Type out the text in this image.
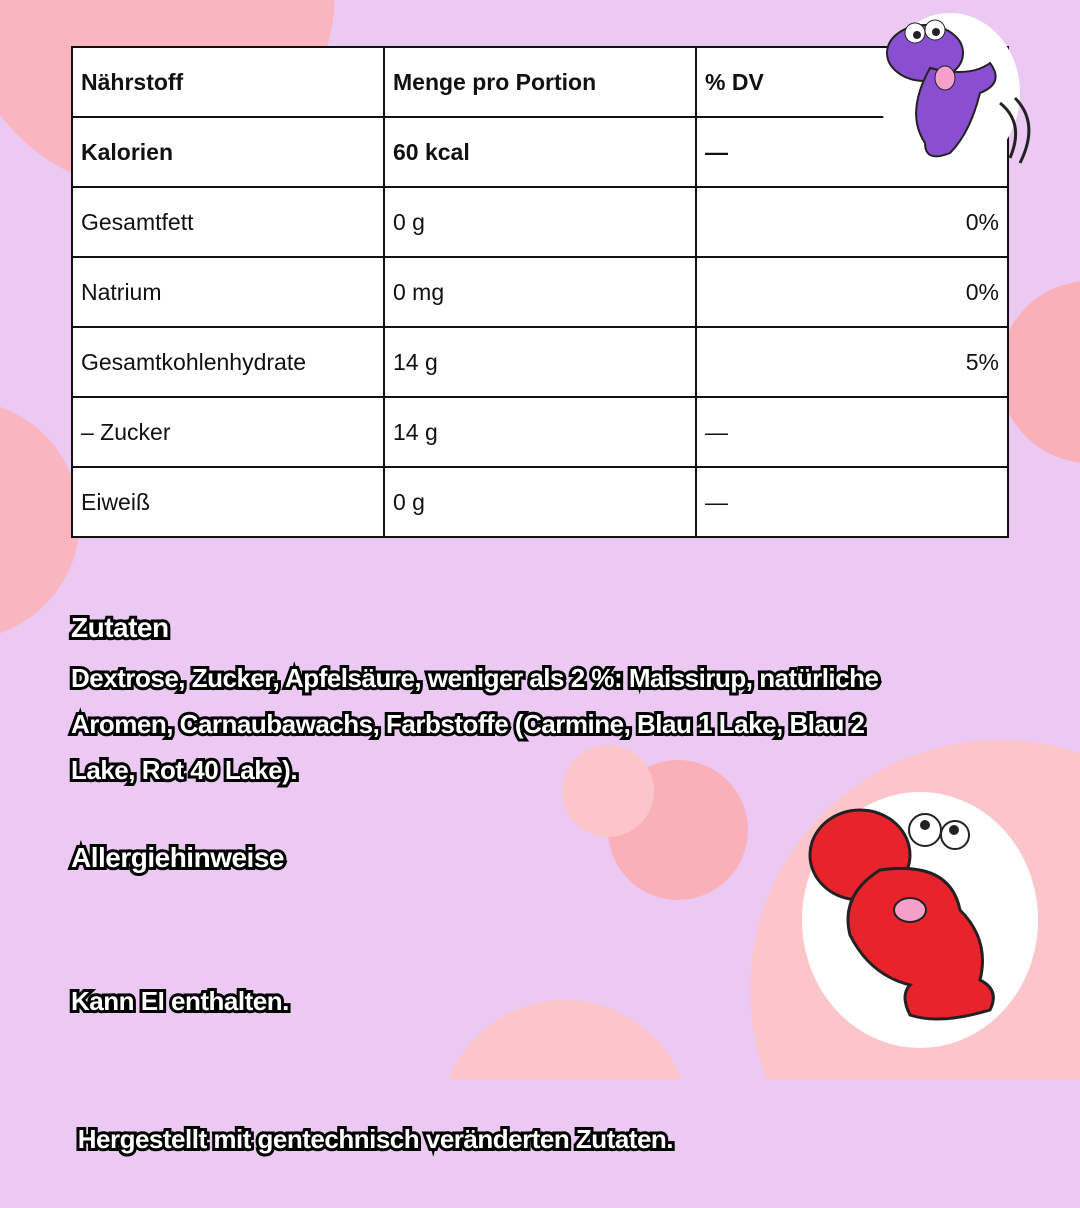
Nährstoff	Menge pro Portion	% DV
Kalorien	60 kcal	—
Gesamtfett	0 g	0%
Natrium	0 mg	0%
Gesamtkohlenhydrate	14 g	5%
– Zucker	14 g	—
Eiweiß	0 g	—
Zutaten
Dextrose, Zucker, Apfelsäure, weniger als 2 %: Maissirup, natürliche
Aromen, Carnaubawachs, Farbstoffe (Carmine, Blau 1 Lake, Blau 2
Lake, Rot 40 Lake).
Allergiehinweise

Kann EI enthalten.

Hergestellt mit gentechnisch veränderten Zutaten.
